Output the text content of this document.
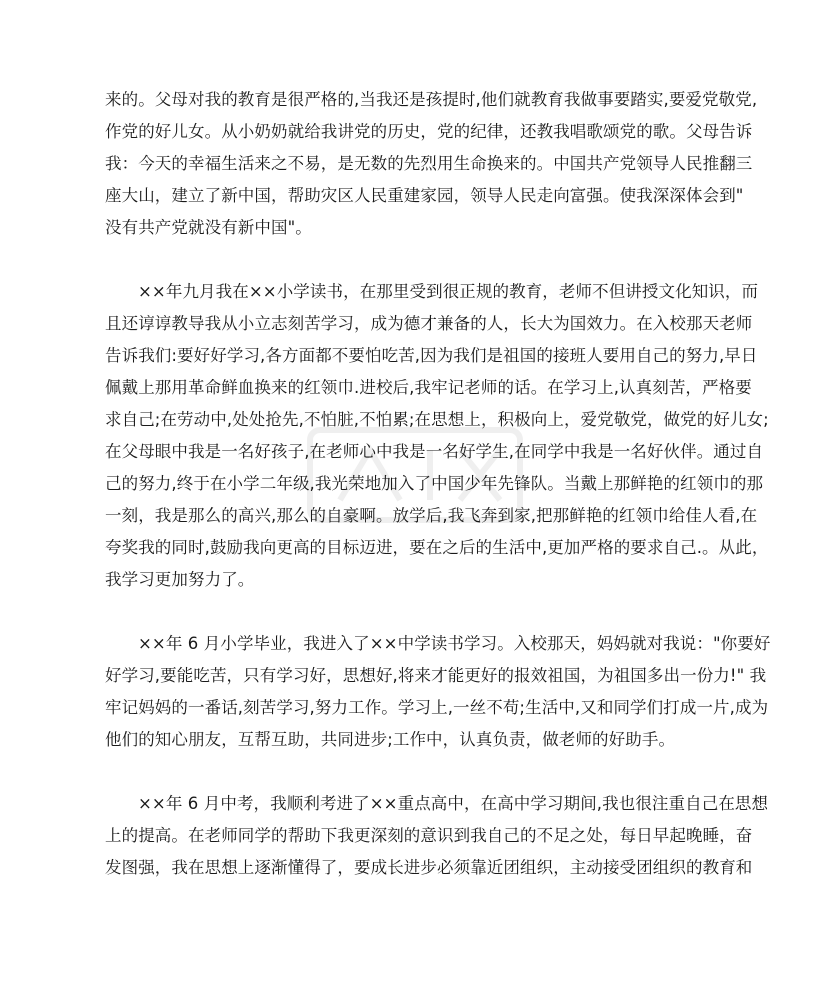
来的。父母对我的教育是很严格的,当我还是孩提时,他们就教育我做事要踏实,要爱党敬党,
作党的好儿女。从小奶奶就给我讲党的历史，党的纪律，还教我唱歌颂党的歌。父母告诉
我：今天的幸福生活来之不易，是无数的先烈用生命换来的。中国共产党领导人民推翻三
座大山，建立了新中国，帮助灾区人民重建家园，领导人民走向富强。使我深深体会到"
没有共产党就没有新中国"。
××年九月我在××小学读书，在那里受到很正规的教育，老师不但讲授文化知识，而
且还谆谆教导我从小立志刻苦学习，成为德才兼备的人，长大为国效力。在入校那天老师
告诉我们:要好好学习,各方面都不要怕吃苦,因为我们是祖国的接班人要用自己的努力,早日
佩戴上那用革命鲜血换来的红领巾.进校后,我牢记老师的话。在学习上,认真刻苦，严格要
求自己;在劳动中,处处抢先,不怕脏,不怕累;在思想上，积极向上，爱党敬党，做党的好儿女;
在父母眼中我是一名好孩子,在老师心中我是一名好学生,在同学中我是一名好伙伴。通过自
己的努力,终于在小学二年级,我光荣地加入了中国少年先锋队。当戴上那鲜艳的红领巾的那
一刻，我是那么的高兴,那么的自豪啊。放学后,我飞奔到家,把那鲜艳的红领巾给佳人看,在
夸奖我的同时,鼓励我向更高的目标迈进，要在之后的生活中,更加严格的要求自己.。从此，
我学习更加努力了。
××年 6 月小学毕业，我进入了××中学读书学习。入校那天，妈妈就对我说："你要好
好学习,要能吃苦，只有学习好，思想好,将来才能更好的报效祖国，为祖国多出一份力!" 我
牢记妈妈的一番话,刻苦学习,努力工作。学习上,一丝不苟;生活中,又和同学们打成一片,成为
他们的知心朋友，互帮互助，共同进步;工作中，认真负责，做老师的好助手。
××年 6 月中考，我顺利考进了××重点高中，在高中学习期间,我也很注重自己在思想
上的提高。在老师同学的帮助下我更深刻的意识到我自己的不足之处，每日早起晚睡，奋
发图强，我在思想上逐渐懂得了，要成长进步必须靠近团组织，主动接受团组织的教育和
